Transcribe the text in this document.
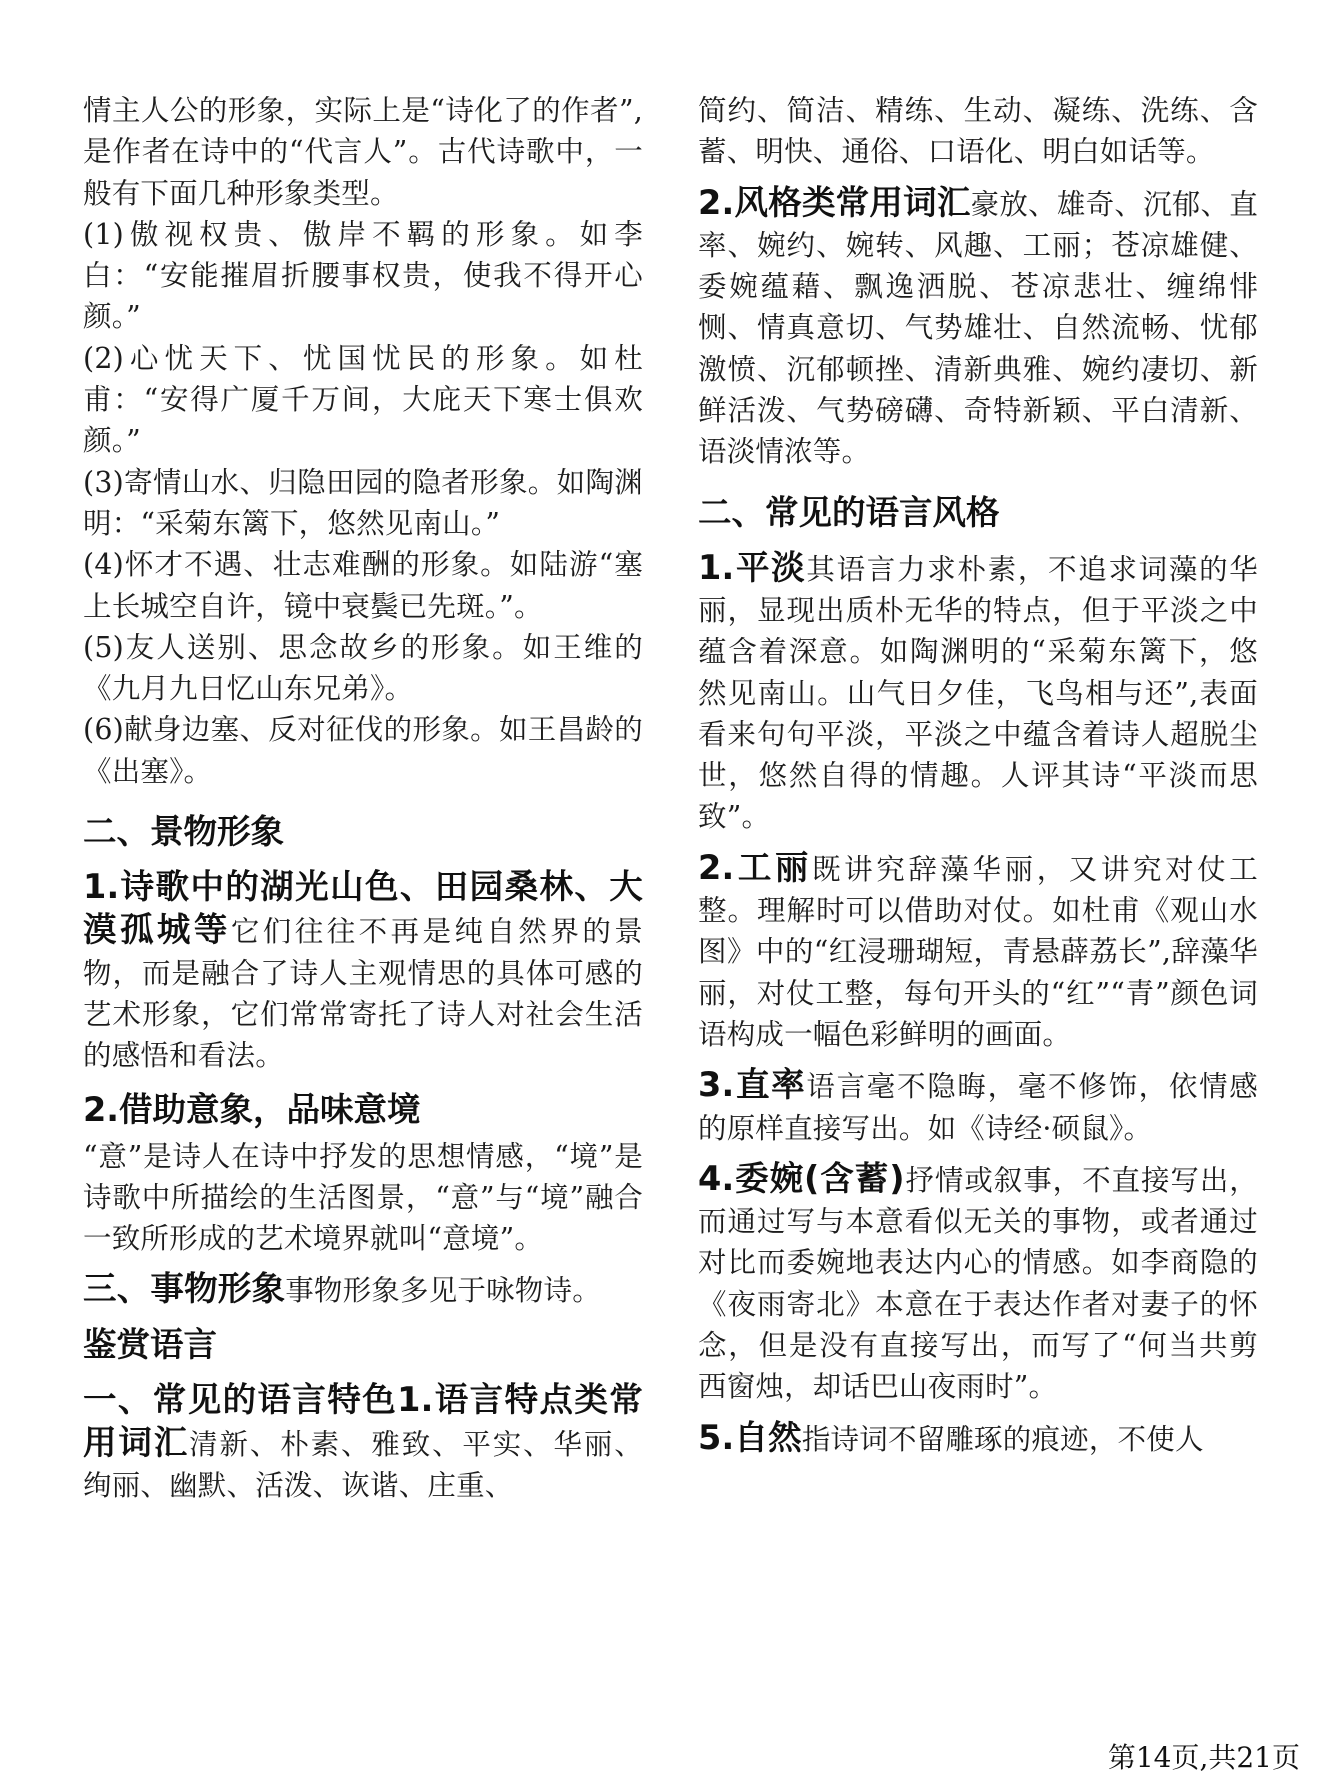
情主人公的形象，实际上是“诗化了的作者”,是作者在诗中的“代言人”。古代诗歌中，一般有下面几种形象类型。

(1)傲视权贵、傲岸不羁的形象。如李白：“安能摧眉折腰事权贵，使我不得开心颜。”

(2)心忧天下、忧国忧民的形象。如杜甫：“安得广厦千万间，大庇天下寒士俱欢颜。”

(3)寄情山水、归隐田园的隐者形象。如陶渊明：“采菊东篱下，悠然见南山。”

(4)怀才不遇、壮志难酬的形象。如陆游“塞上长城空自许，镜中衰鬓已先斑。”。

(5)友人送别、思念故乡的形象。如王维的《九月九日忆山东兄弟》。

(6)献身边塞、反对征伐的形象。如王昌龄的《出塞》。

二、景物形象

1.诗歌中的湖光山色、田园桑林、大漠孤城等它们往往不再是纯自然界的景物，而是融合了诗人主观情思的具体可感的艺术形象，它们常常寄托了诗人对社会生活的感悟和看法。

2.借助意象，品味意境

“意”是诗人在诗中抒发的思想情感，“境”是诗歌中所描绘的生活图景，“意”与“境”融合一致所形成的艺术境界就叫“意境”。

三、事物形象事物形象多见于咏物诗。

鉴赏语言

一、常见的语言特色1.语言特点类常用词汇清新、朴素、雅致、平实、华丽、绚丽、幽默、活泼、诙谐、庄重、

简约、简洁、精练、生动、凝练、洗练、含蓄、明快、通俗、口语化、明白如话等。

2.风格类常用词汇豪放、雄奇、沉郁、直率、婉约、婉转、风趣、工丽；苍凉雄健、委婉蕴藉、飘逸洒脱、苍凉悲壮、缠绵悱恻、情真意切、气势雄壮、自然流畅、忧郁激愤、沉郁顿挫、清新典雅、婉约凄切、新鲜活泼、气势磅礴、奇特新颖、平白清新、语淡情浓等。

二、常见的语言风格

1.平淡其语言力求朴素，不追求词藻的华丽，显现出质朴无华的特点，但于平淡之中蕴含着深意。如陶渊明的“采菊东篱下，悠然见南山。山气日夕佳，飞鸟相与还”,表面看来句句平淡，平淡之中蕴含着诗人超脱尘世，悠然自得的情趣。人评其诗“平淡而思致”。

2.工丽既讲究辞藻华丽，又讲究对仗工整。理解时可以借助对仗。如杜甫《观山水图》中的“红浸珊瑚短，青悬薜荔长”,辞藻华丽，对仗工整，每句开头的“红”“青”颜色词语构成一幅色彩鲜明的画面。

3.直率语言毫不隐晦，毫不修饰，依情感的原样直接写出。如《诗经·硕鼠》。

4.委婉(含蓄)抒情或叙事，不直接写出，而通过写与本意看似无关的事物，或者通过对比而委婉地表达内心的情感。如李商隐的《夜雨寄北》本意在于表达作者对妻子的怀念，但是没有直接写出，而写了“何当共剪西窗烛，却话巴山夜雨时”。

5.自然指诗词不留雕琢的痕迹，不使人

第14页,共21页
